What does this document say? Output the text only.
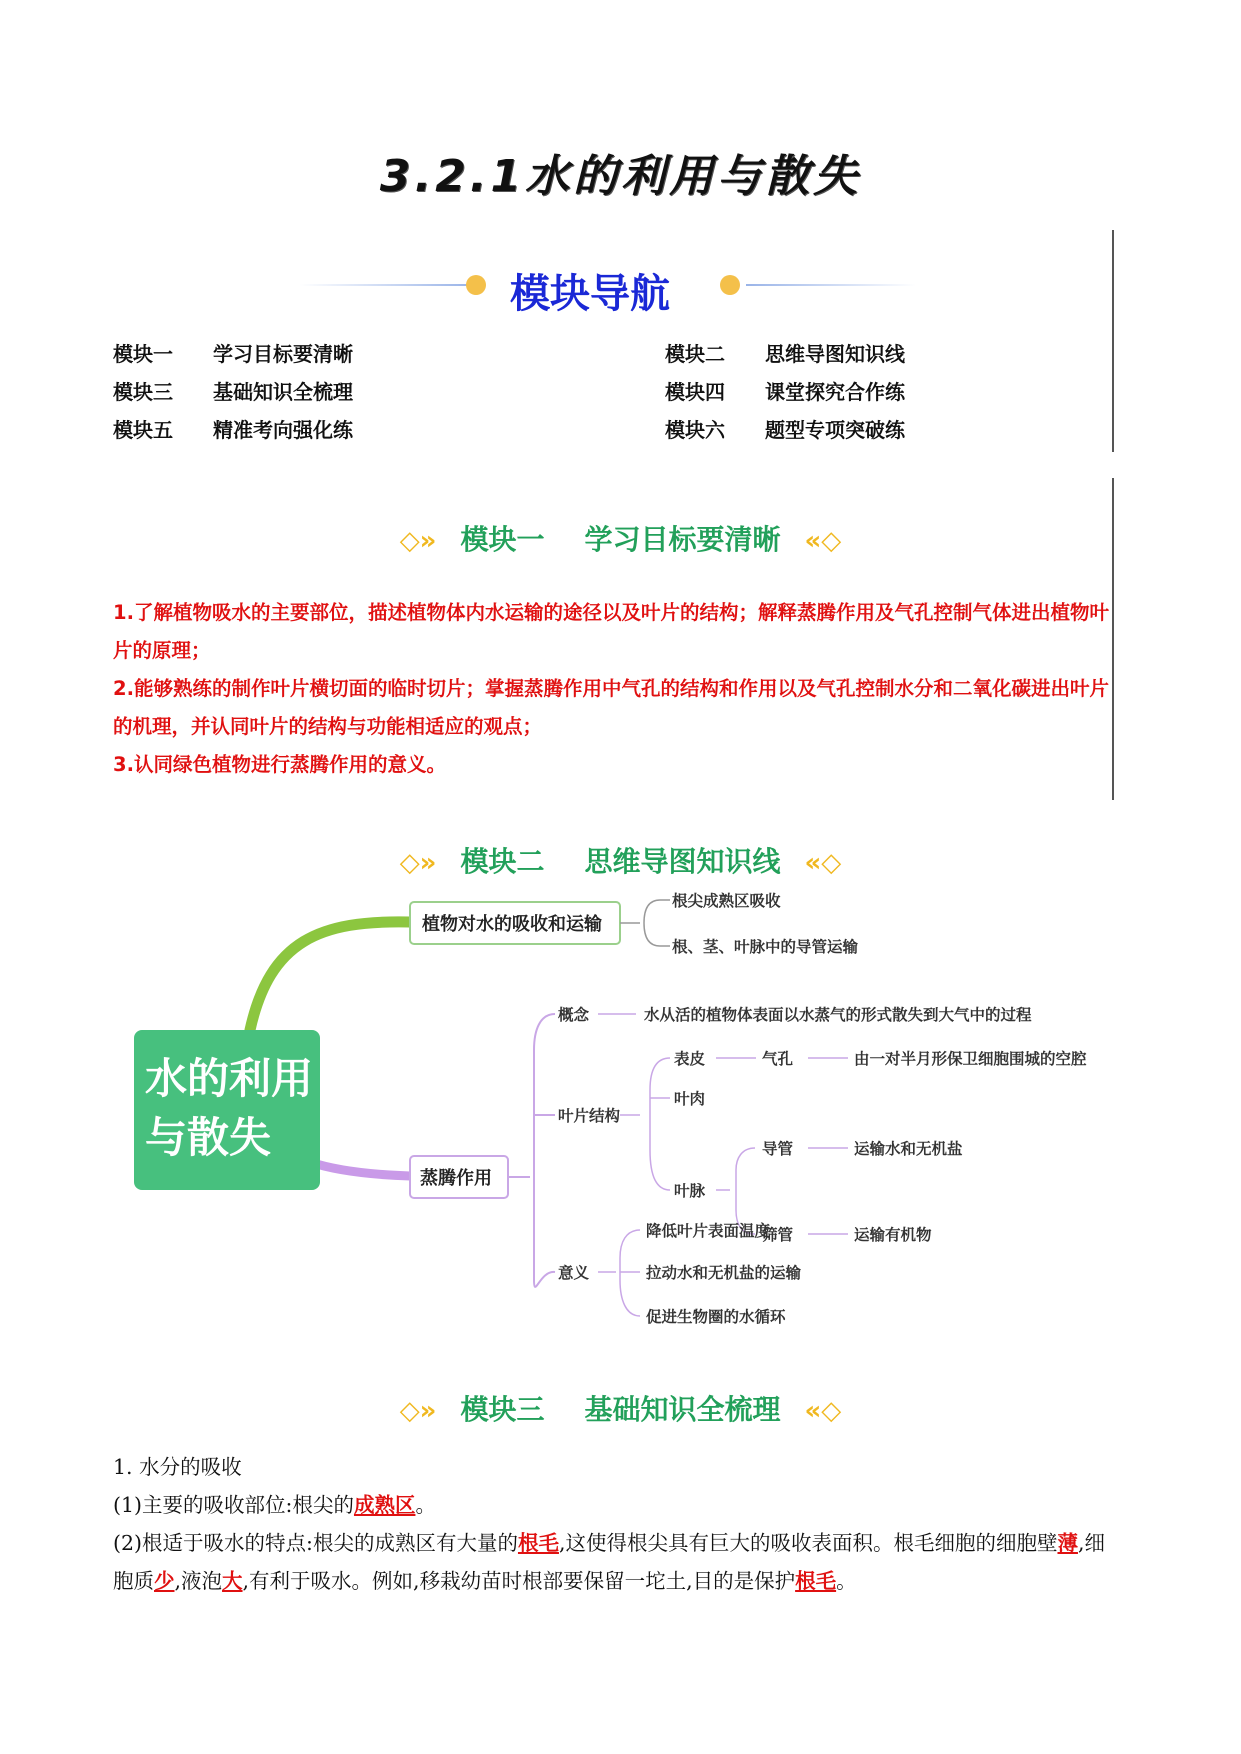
3.2.1水的利用与散失
模块导航
模块一 学习目标要清晰	模块二 思维导图知识线
模块三 基础知识全梳理	模块四 课堂探究合作练
模块五 精准考向强化练	模块六 题型专项突破练
◇» 模块一 学习目标要清晰 «◇

1.了解植物吸水的主要部位，描述植物体内水运输的途径以及叶片的结构；解释蒸腾作用及气孔控制气体进出植物叶片的原理；

2.能够熟练的制作叶片横切面的临时切片；掌握蒸腾作用中气孔的结构和作用以及气孔控制水分和二氧化碳进出叶片的机理，并认同叶片的结构与功能相适应的观点；

3.认同绿色植物进行蒸腾作用的意义。

◇» 模块二 思维导图知识线 «◇
水的利用
与散失
植物对水的吸收和运输
根尖成熟区吸收
根、茎、叶脉中的导管运输
蒸腾作用
概念	水从活的植物体表面以水蒸气的形式散失到大气中的过程
叶片结构
表皮	气孔	由一对半月形保卫细胞围城的空腔
叶肉
叶脉
导管	运输水和无机盐
筛管	运输有机物
意义
降低叶片表面温度
拉动水和无机盐的运输
促进生物圈的水循环
◇» 模块三 基础知识全梳理 «◇

1. 水分的吸收

(1)主要的吸收部位:根尖的成熟区。

(2)根适于吸水的特点:根尖的成熟区有大量的根毛,这使得根尖具有巨大的吸收表面积。根毛细胞的细胞壁薄,细胞质少,液泡大,有利于吸水。例如,移栽幼苗时根部要保留一坨土,目的是保护根毛。
